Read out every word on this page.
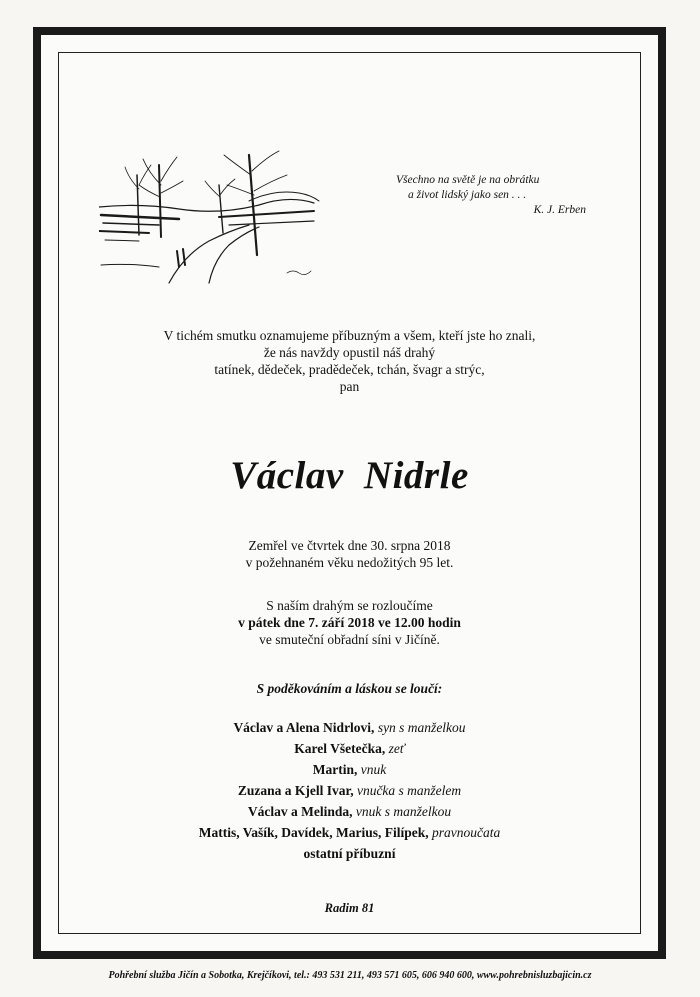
Všechno na světě je na obrátku
a život lidský jako sen . . .
K. J. Erben
V tichém smutku oznamujeme příbuzným a všem, kteří jste ho znali,
že nás navždy opustil náš drahý
tatínek, dědeček, pradědeček, tchán, švagr a strýc,
pan
Václav Nidrle
Zemřel ve čtvrtek dne 30. srpna 2018
v požehnaném věku nedožitých 95 let.
S naším drahým se rozloučíme
v pátek dne 7. září 2018 ve 12.00 hodin
ve smuteční obřadní síni v Jičíně.
S poděkováním a láskou se loučí:
Václav a Alena Nidrlovi, syn s manželkou
Karel Všetečka, zeť
Martin, vnuk
Zuzana a Kjell Ivar, vnučka s manželem
Václav a Melinda, vnuk s manželkou
Mattis, Vašík, Davídek, Marius, Filípek, pravnoučata
ostatní příbuzní
Radim 81
Pohřební služba Jičín a Sobotka, Krejčíkovi, tel.: 493 531 211, 493 571 605, 606 940 600, www.pohrebnisluzbajicin.cz
